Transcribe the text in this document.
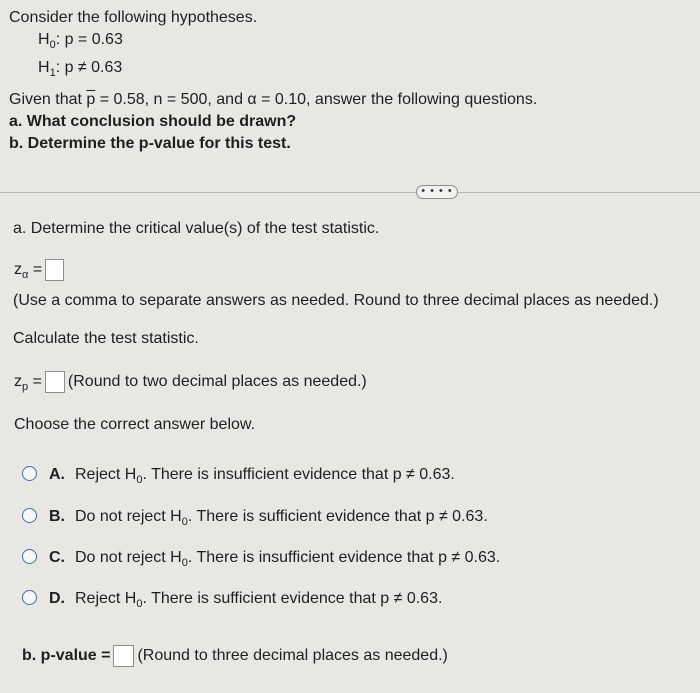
Consider the following hypotheses.
$H_0$: p = 0.63
$H_1$: p ≠ 0.63
Given that $\overline{p} = 0.58$, n = 500, and α = 0.10, answer the following questions.
a. What conclusion should be drawn?
b. Determine the p-value for this test.
• • • •
a. Determine the critical value(s) of the test statistic.
$z_\alpha$ =
(Use a comma to separate answers as needed. Round to three decimal places as needed.)
Calculate the test statistic.
$z_p$ = (Round to two decimal places as needed.)
Choose the correct answer below.
A. Reject $H_0$. There is insufficient evidence that p ≠ 0.63.
B. Do not reject $H_0$. There is sufficient evidence that p ≠ 0.63.
C. Do not reject $H_0$. There is insufficient evidence that p ≠ 0.63.
D. Reject $H_0$. There is sufficient evidence that p ≠ 0.63.
b. p-value = (Round to three decimal places as needed.)
